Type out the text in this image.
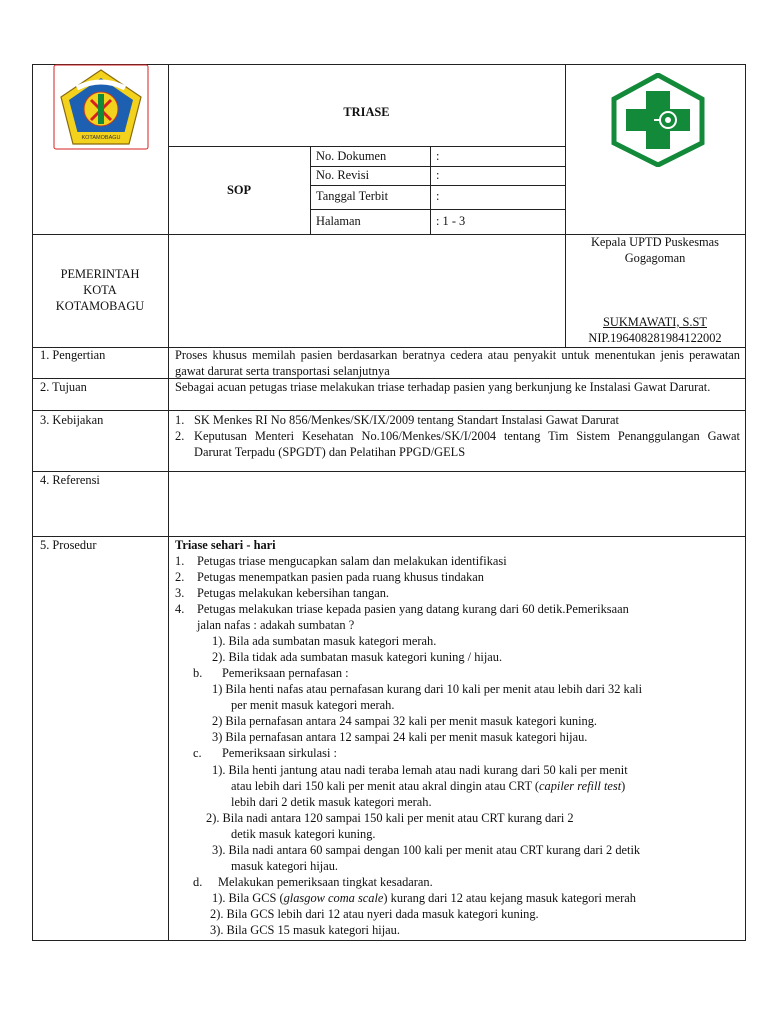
KOTAMOBAGU
TRIASE
SOP
No. Dokumen	:
No. Revisi	:
Tanggal Terbit	:
Halaman	: 1 - 3
PEMERINTAH
KOTA
KOTAMOBAGU
Kepala UPTD Puskesmas
Gogagoman
SUKMAWATI, S.ST
NIP.196408281984122002
1. Pengertian	Proses khusus memilah pasien berdasarkan beratnya cedera atau penyakit untuk menentukan jenis perawatan gawat darurat serta transportasi selanjutnya
2. Tujuan	Sebagai acuan petugas triase melakukan triase terhadap pasien yang berkunjung ke Instalasi Gawat Darurat.
3. Kebijakan	1. SK Menkes RI No 856/Menkes/SK/IX/2009 tentang Standart Instalasi Gawat Darurat
2. Keputusan Menteri Kesehatan No.106/Menkes/SK/I/2004 tentang Tim Sistem Penanggulangan Gawat Darurat Terpadu (SPGDT) dan Pelatihan PPGD/GELS
4. Referensi
5. Prosedur	Triase sehari - hari
1. Petugas triase mengucapkan salam dan melakukan identifikasi
2. Petugas menempatkan pasien pada ruang khusus tindakan
3. Petugas melakukan kebersihan tangan.
4. Petugas melakukan triase kepada pasien yang datang kurang dari 60 detik.Pemeriksaan
jalan nafas : adakah sumbatan ?
1). Bila ada sumbatan masuk kategori merah.
2). Bila tidak ada sumbatan masuk kategori kuning / hijau.
b. Pemeriksaan pernafasan :
1) Bila henti nafas atau pernafasan kurang dari 10 kali per menit atau lebih dari 32 kali
per menit masuk kategori merah.
2) Bila pernafasan antara 24 sampai 32 kali per menit masuk kategori kuning.
3) Bila pernafasan antara 12 sampai 24 kali per menit masuk kategori hijau.
c. Pemeriksaan sirkulasi :
1). Bila henti jantung atau nadi teraba lemah atau nadi kurang dari 50 kali per menit
atau lebih dari 150 kali per menit atau akral dingin atau CRT (capiler refill test)
lebih dari 2 detik masuk kategori merah.
2). Bila nadi antara 120 sampai 150 kali per menit atau CRT kurang dari 2
detik masuk kategori kuning.
3). Bila nadi antara 60 sampai dengan 100 kali per menit atau CRT kurang dari 2 detik
masuk kategori hijau.
d. Melakukan pemeriksaan tingkat kesadaran.
1). Bila GCS (glasgow coma scale) kurang dari 12 atau kejang masuk kategori merah
2). Bila GCS lebih dari 12 atau nyeri dada masuk kategori kuning.
3). Bila GCS 15 masuk kategori hijau.
